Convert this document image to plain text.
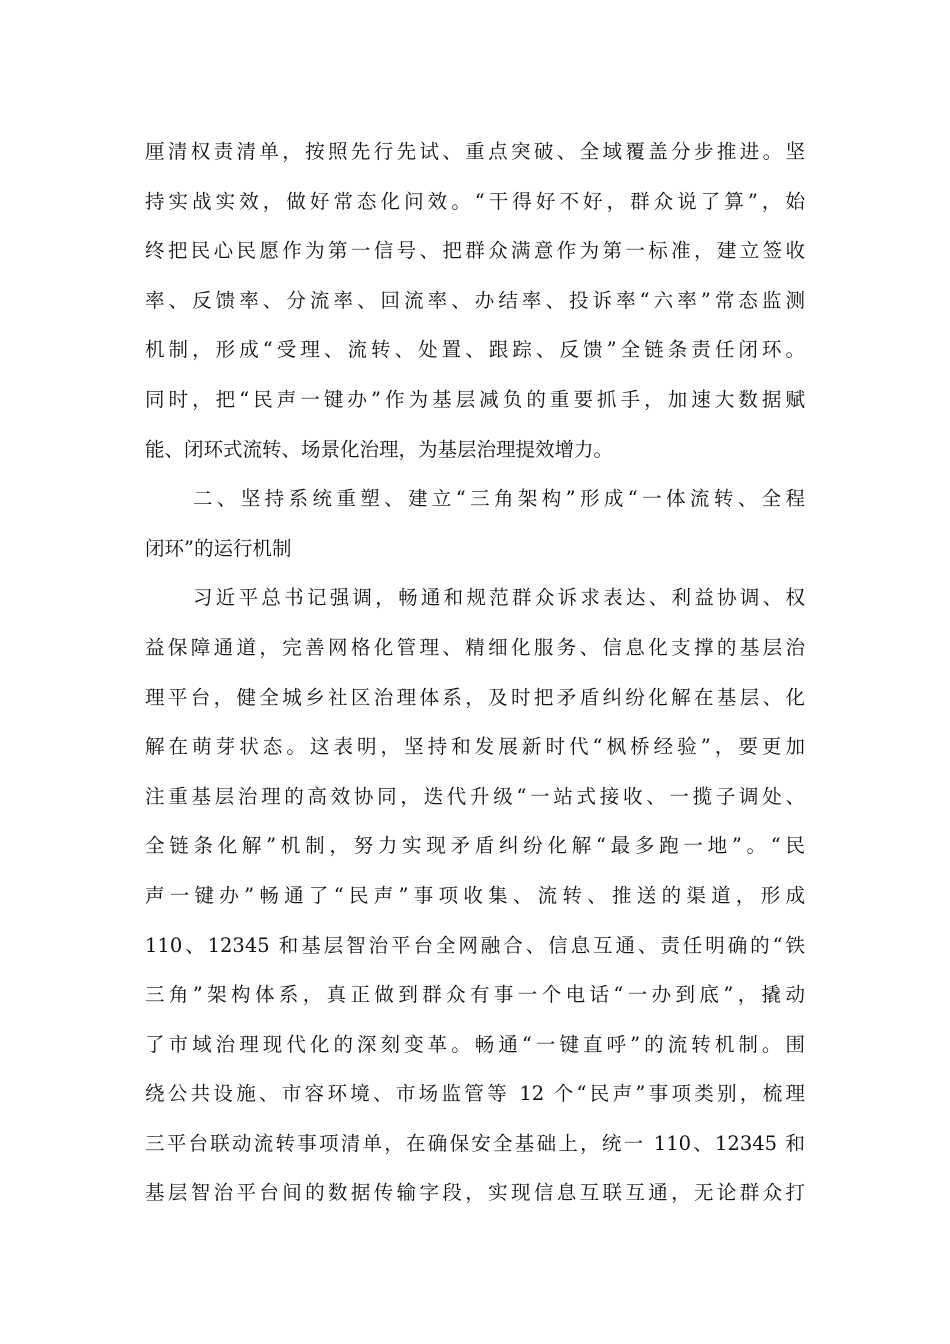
厘清权责清单，按照先行先试、重点突破、全域覆盖分步推进。坚
持实战实效，做好常态化问效。“干得好不好，群众说了算”，始
终把民心民愿作为第一信号、把群众满意作为第一标准，建立签收
率、反馈率、分流率、回流率、办结率、投诉率“六率”常态监测
机制，形成“受理、流转、处置、跟踪、反馈”全链条责任闭环。
同时，把“民声一键办”作为基层减负的重要抓手，加速大数据赋
能、闭环式流转、场景化治理，为基层治理提效增力。
二、坚持系统重塑、建立“三角架构”形成“一体流转、全程
闭环”的运行机制
习近平总书记强调，畅通和规范群众诉求表达、利益协调、权
益保障通道，完善网格化管理、精细化服务、信息化支撑的基层治
理平台，健全城乡社区治理体系，及时把矛盾纠纷化解在基层、化
解在萌芽状态。这表明，坚持和发展新时代“枫桥经验”，要更加
注重基层治理的高效协同，迭代升级“一站式接收、一揽子调处、
全链条化解”机制，努力实现矛盾纠纷化解“最多跑一地”。“民
声一键办”畅通了“民声”事项收集、流转、推送的渠道，形成
110、12345 和基层智治平台全网融合、信息互通、责任明确的“铁
三角”架构体系，真正做到群众有事一个电话“一办到底”，撬动
了市域治理现代化的深刻变革。畅通“一键直呼”的流转机制。围
绕公共设施、市容环境、市场监管等 12 个“民声”事项类别，梳理
三平台联动流转事项清单，在确保安全基础上，统一 110、12345 和
基层智治平台间的数据传输字段，实现信息互联互通，无论群众打
